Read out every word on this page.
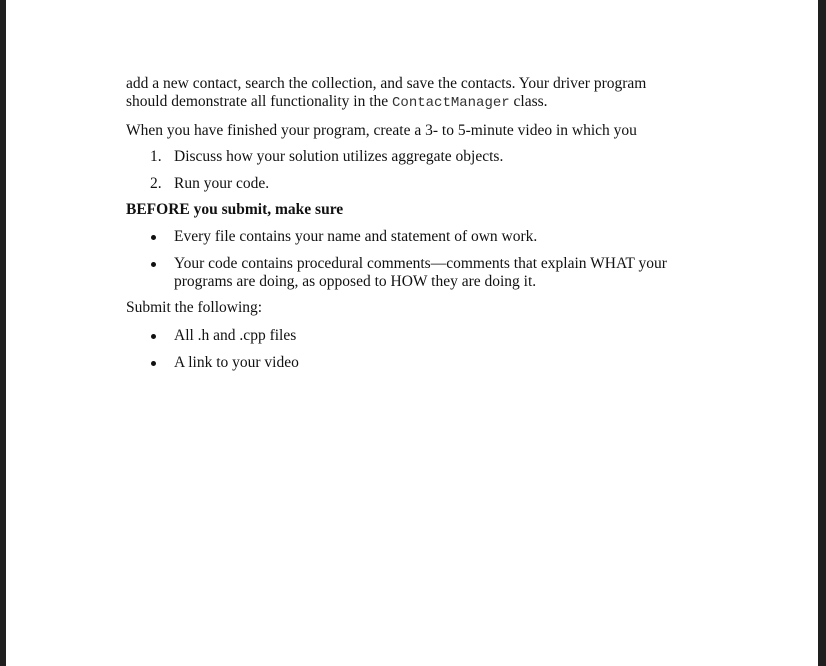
add a new contact, search the collection, and save the contacts. Your driver program
should demonstrate all functionality in the ContactManager class.
When you have finished your program, create a 3- to 5-minute video in which you
1. Discuss how your solution utilizes aggregate objects.
2. Run your code.
BEFORE you submit, make sure
Every file contains your name and statement of own work.
Your code contains procedural comments—comments that explain WHAT your
programs are doing, as opposed to HOW they are doing it.
Submit the following:
All .h and .cpp files
A link to your video
